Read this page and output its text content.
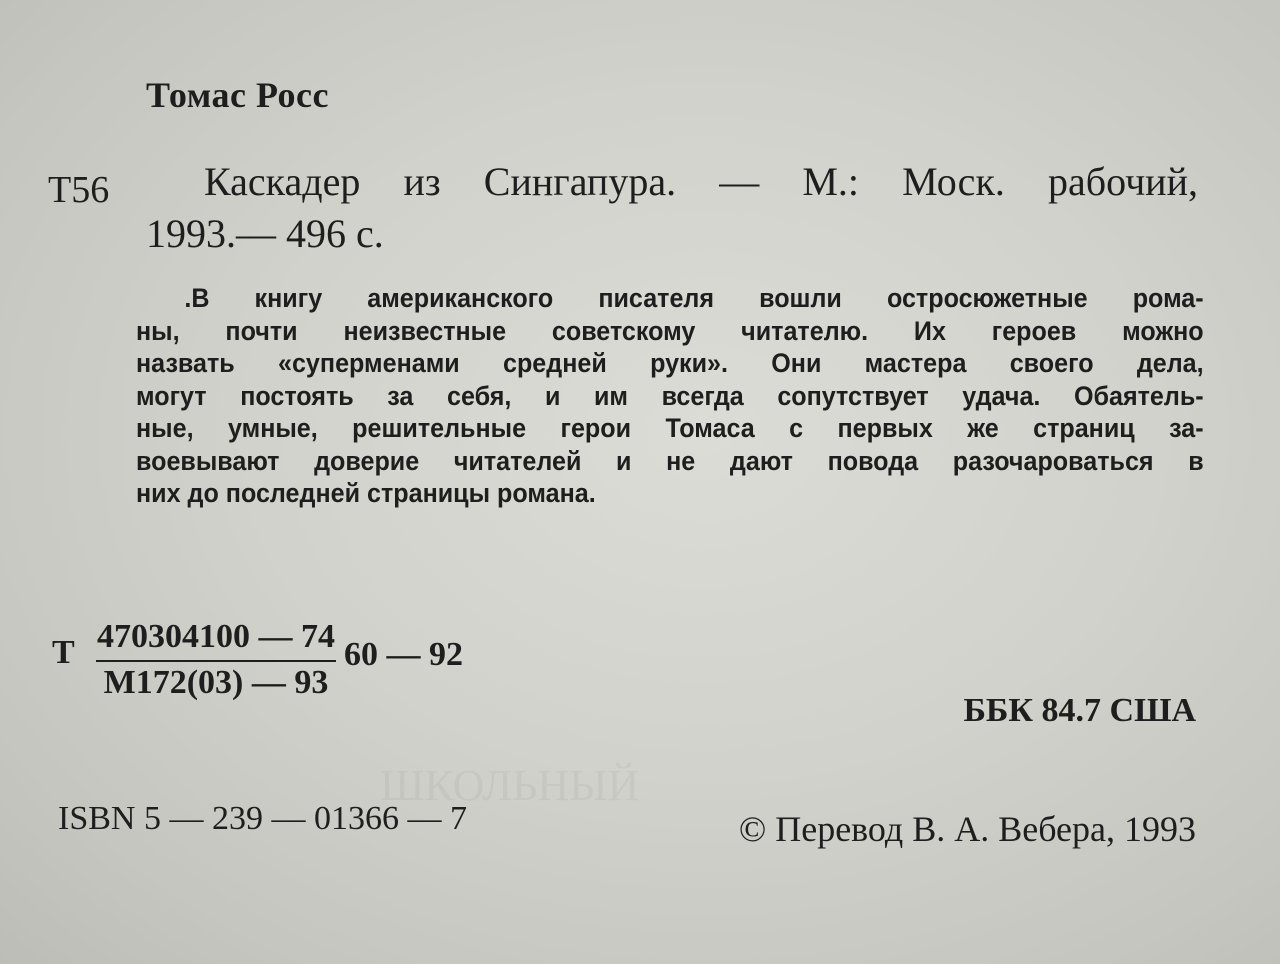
ШКОЛЬНЫЙ
Томас Росс
Т56	Каскадер из Сингапура. — М.: Моск. рабочий,
1993.— 496 с.
.В книгу американского писателя вошли остросюжетные рома-
ны, почти неизвестные советскому читателю. Их героев можно
назвать «суперменами средней руки». Они мастера своего дела,
могут постоять за себя, и им всегда сопутствует удача. Обаятель-
ные, умные, решительные герои Томаса с первых же страниц за-
воевывают доверие читателей и не дают повода разочароваться в
них до последней страницы романа.
Т 470304100 — 74
М172(03) — 93
60 — 92
ББК 84.7 США
ISBN 5 — 239 — 01366 — 7	© Перевод В. А. Вебера, 1993
